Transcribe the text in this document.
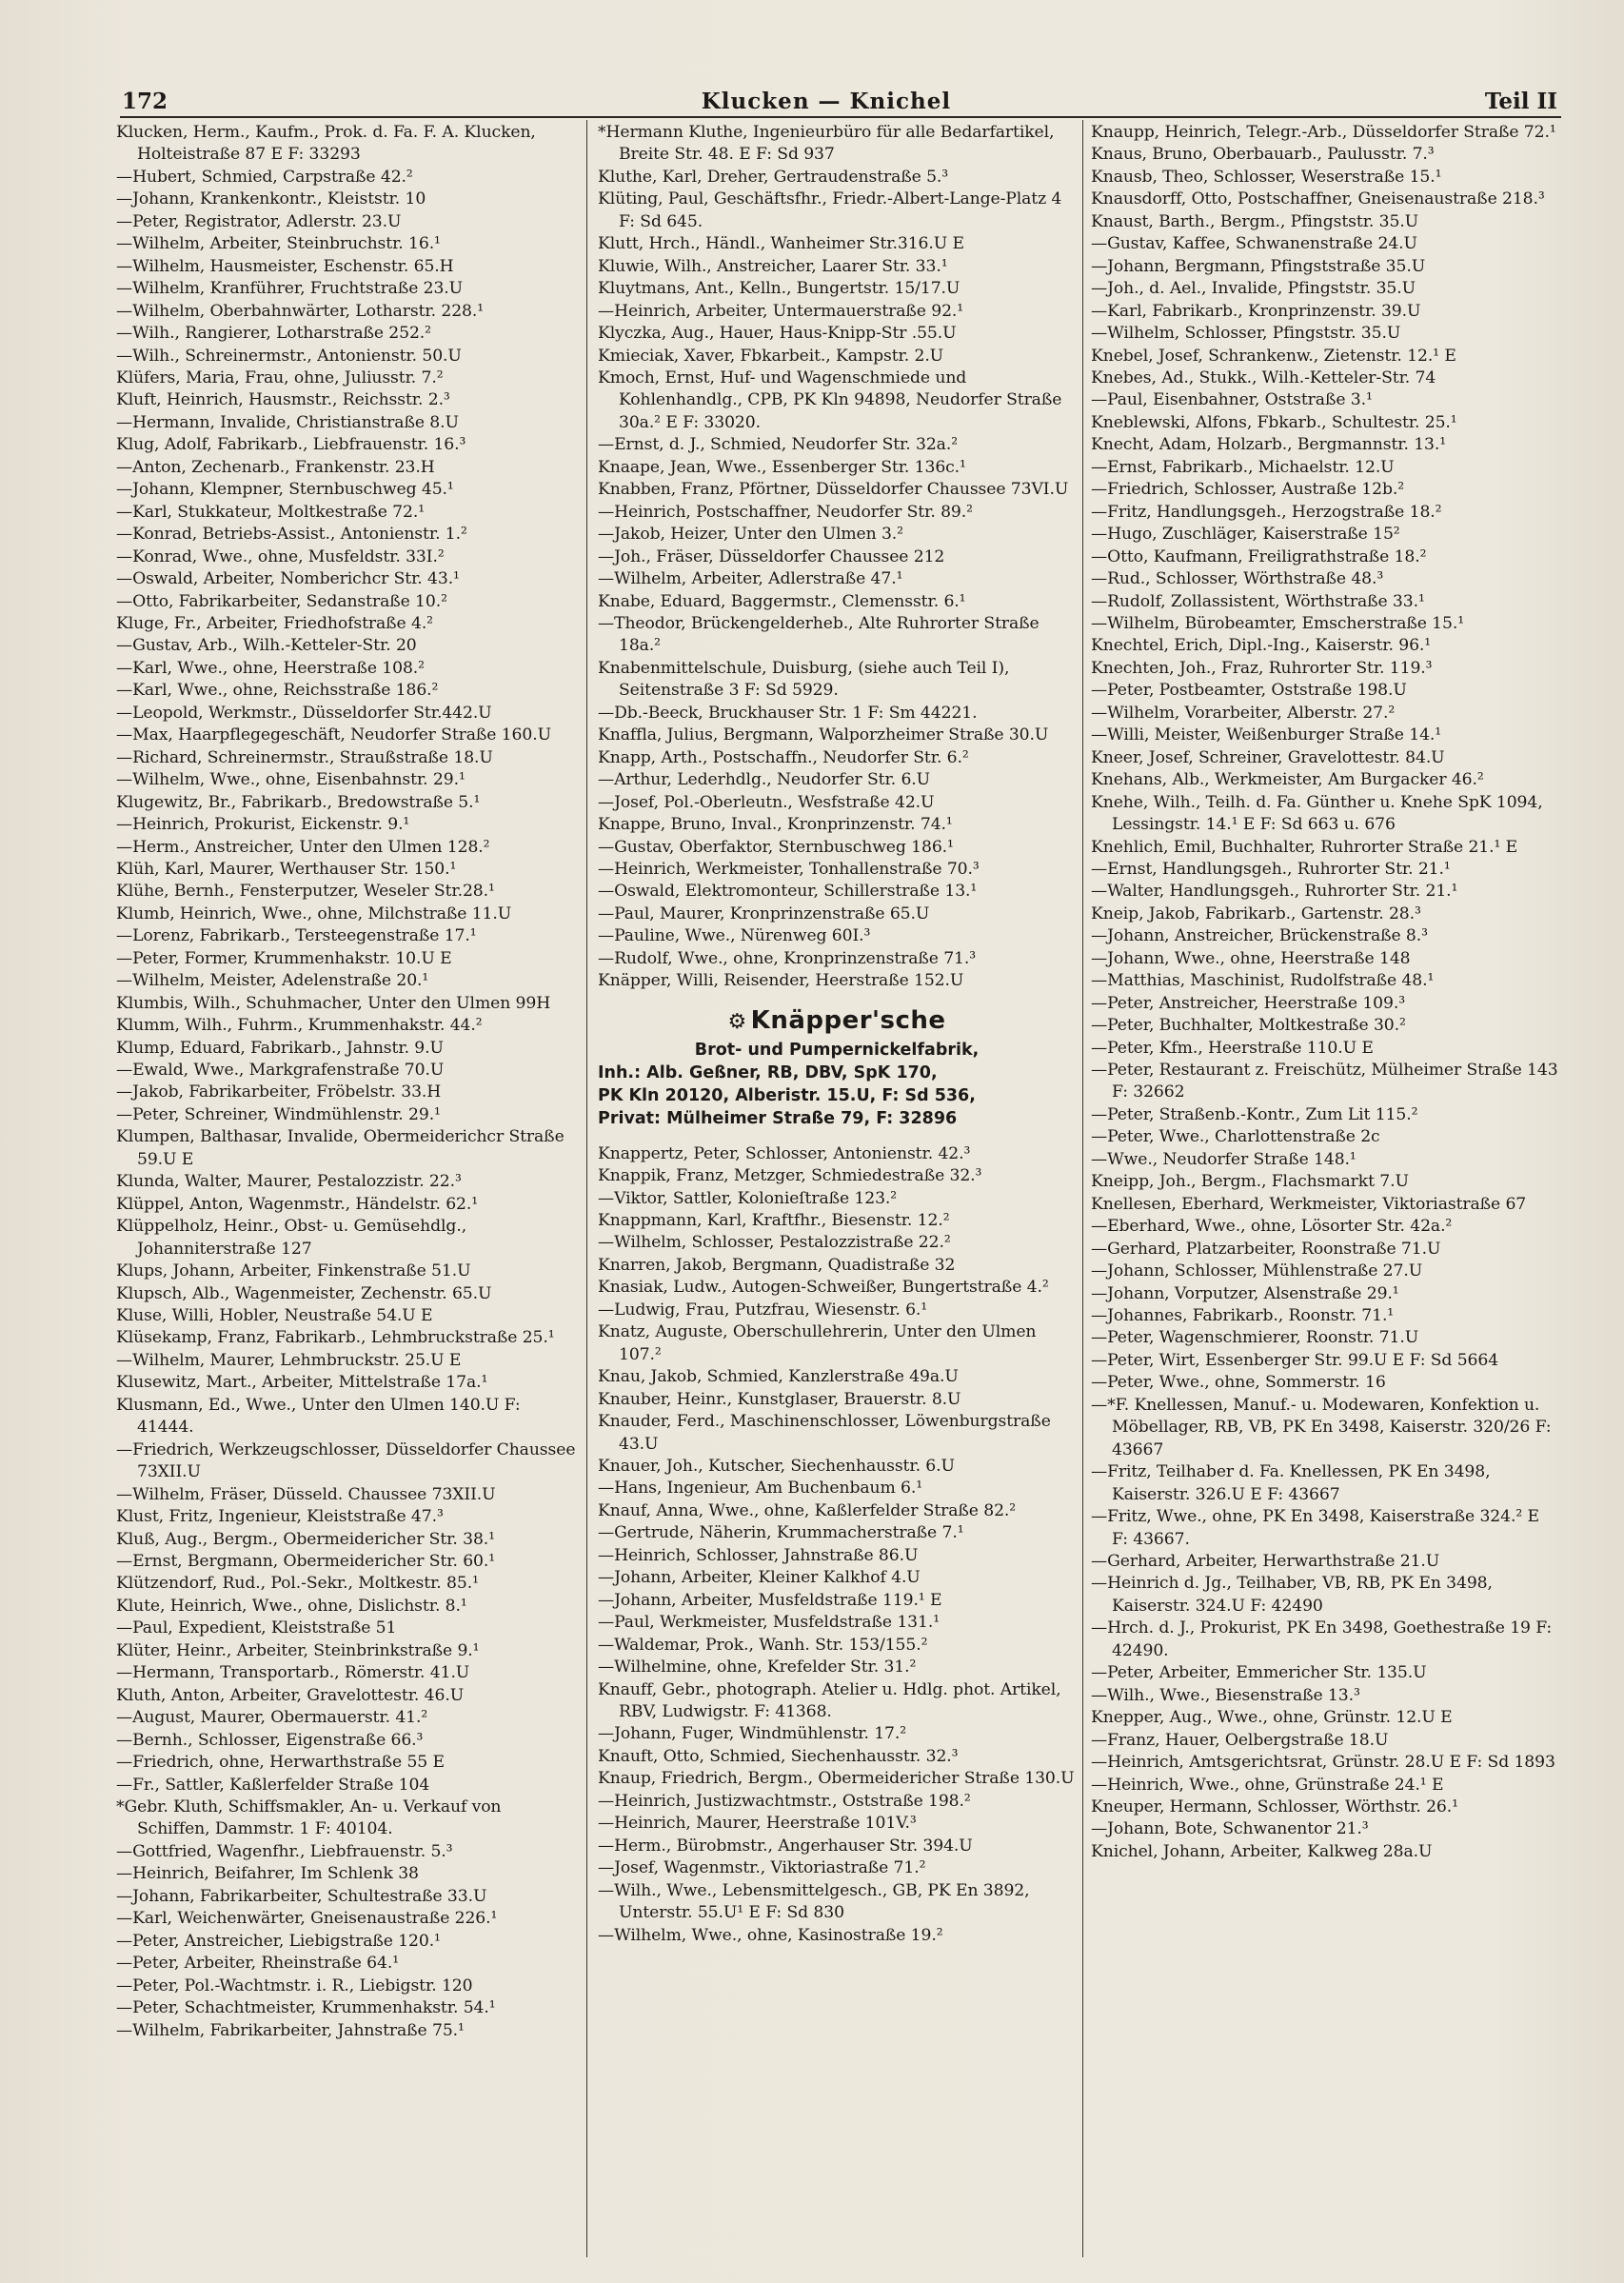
172	Klucken — Knichel	Teil II

Klucken, Herm., Kaufm., Prok. d. Fa. F. A. Klucken, Holteistraße 87 E F: 33293

—Hubert, Schmied, Carpstraße 42.²

—Johann, Krankenkontr., Kleiststr. 10

—Peter, Registrator, Adlerstr. 23.U

—Wilhelm, Arbeiter, Steinbruchstr. 16.¹

—Wilhelm, Hausmeister, Eschenstr. 65.H

—Wilhelm, Kranführer, Fruchtstraße 23.U

—Wilhelm, Oberbahnwärter, Lotharstr. 228.¹

—Wilh., Rangierer, Lotharstraße 252.²

—Wilh., Schreinermstr., Antonienstr. 50.U

Klüfers, Maria, Frau, ohne, Juliusstr. 7.²

Kluft, Heinrich, Hausmstr., Reichsstr. 2.³

—Hermann, Invalide, Christianstraße 8.U

Klug, Adolf, Fabrikarb., Liebfrauenstr. 16.³

—Anton, Zechenarb., Frankenstr. 23.H

—Johann, Klempner, Sternbuschweg 45.¹

—Karl, Stukkateur, Moltkestraße 72.¹

—Konrad, Betriebs-Assist., Antonienstr. 1.²

—Konrad, Wwe., ohne, Musfeldstr. 33I.²

—Oswald, Arbeiter, Nomberichcr Str. 43.¹

—Otto, Fabrikarbeiter, Sedanstraße 10.²

Kluge, Fr., Arbeiter, Friedhofstraße 4.²

—Gustav, Arb., Wilh.-Ketteler-Str. 20

—Karl, Wwe., ohne, Heerstraße 108.²

—Karl, Wwe., ohne, Reichsstraße 186.²

—Leopold, Werkmstr., Düsseldorfer Str.442.U

—Max, Haarpflegegeschäft, Neudorfer Straße 160.U

—Richard, Schreinermstr., Straußstraße 18.U

—Wilhelm, Wwe., ohne, Eisenbahnstr. 29.¹

Klugewitz, Br., Fabrikarb., Bredowstraße 5.¹

—Heinrich, Prokurist, Eickenstr. 9.¹

—Herm., Anstreicher, Unter den Ulmen 128.²

Klüh, Karl, Maurer, Werthauser Str. 150.¹

Klühe, Bernh., Fensterputzer, Weseler Str.28.¹

Klumb, Heinrich, Wwe., ohne, Milchstraße 11.U

—Lorenz, Fabrikarb., Tersteegenstraße 17.¹

—Peter, Former, Krummenhakstr. 10.U E

—Wilhelm, Meister, Adelenstraße 20.¹

Klumbis, Wilh., Schuhmacher, Unter den Ulmen 99H

Klumm, Wilh., Fuhrm., Krummenhakstr. 44.²

Klump, Eduard, Fabrikarb., Jahnstr. 9.U

—Ewald, Wwe., Markgrafenstraße 70.U

—Jakob, Fabrikarbeiter, Fröbelstr. 33.H

—Peter, Schreiner, Windmühlenstr. 29.¹

Klumpen, Balthasar, Invalide, Obermeiderichcr Straße 59.U E

Klunda, Walter, Maurer, Pestalozzistr. 22.³

Klüppel, Anton, Wagenmstr., Händelstr. 62.¹

Klüppelholz, Heinr., Obst- u. Gemüsehdlg., Johanniterstraße 127

Klups, Johann, Arbeiter, Finkenstraße 51.U

Klupsch, Alb., Wagenmeister, Zechenstr. 65.U

Kluse, Willi, Hobler, Neustraße 54.U E

Klüsekamp, Franz, Fabrikarb., Lehmbruckstraße 25.¹

—Wilhelm, Maurer, Lehmbruckstr. 25.U E

Klusewitz, Mart., Arbeiter, Mittelstraße 17a.¹

Klusmann, Ed., Wwe., Unter den Ulmen 140.U F: 41444.

—Friedrich, Werkzeugschlosser, Düsseldorfer Chaussee 73XII.U

—Wilhelm, Fräser, Düsseld. Chaussee 73XII.U

Klust, Fritz, Ingenieur, Kleiststraße 47.³

Kluß, Aug., Bergm., Obermeidericher Str. 38.¹

—Ernst, Bergmann, Obermeidericher Str. 60.¹

Klützendorf, Rud., Pol.-Sekr., Moltkestr. 85.¹

Klute, Heinrich, Wwe., ohne, Dislichstr. 8.¹

—Paul, Expedient, Kleiststraße 51

Klüter, Heinr., Arbeiter, Steinbrinkstraße 9.¹

—Hermann, Transportarb., Römerstr. 41.U

Kluth, Anton, Arbeiter, Gravelottestr. 46.U

—August, Maurer, Obermauerstr. 41.²

—Bernh., Schlosser, Eigenstraße 66.³

—Friedrich, ohne, Herwarthstraße 55 E

—Fr., Sattler, Kaßlerfelder Straße 104

*Gebr. Kluth, Schiffsmakler, An- u. Verkauf von Schiffen, Dammstr. 1 F: 40104.

—Gottfried, Wagenfhr., Liebfrauenstr. 5.³

—Heinrich, Beifahrer, Im Schlenk 38

—Johann, Fabrikarbeiter, Schultestraße 33.U

—Karl, Weichenwärter, Gneisenaustraße 226.¹

—Peter, Anstreicher, Liebigstraße 120.¹

—Peter, Arbeiter, Rheinstraße 64.¹

—Peter, Pol.-Wachtmstr. i. R., Liebigstr. 120

—Peter, Schachtmeister, Krummenhakstr. 54.¹

—Wilhelm, Fabrikarbeiter, Jahnstraße 75.¹

*Hermann Kluthe, Ingenieurbüro für alle Bedarfartikel, Breite Str. 48. E F: Sd 937

Kluthe, Karl, Dreher, Gertraudenstraße 5.³

Klüting, Paul, Geschäftsfhr., Friedr.-Albert-Lange-Platz 4 F: Sd 645.

Klutt, Hrch., Händl., Wanheimer Str.316.U E

Kluwie, Wilh., Anstreicher, Laarer Str. 33.¹

Kluytmans, Ant., Kelln., Bungertstr. 15/17.U

—Heinrich, Arbeiter, Untermauerstraße 92.¹

Klyczka, Aug., Hauer, Haus-Knipp-Str .55.U

Kmieciak, Xaver, Fbkarbeit., Kampstr. 2.U

Kmoch, Ernst, Huf- und Wagenschmiede und Kohlenhandlg., CPB, PK Kln 94898, Neudorfer Straße 30a.² E F: 33020.

—Ernst, d. J., Schmied, Neudorfer Str. 32a.²

Knaape, Jean, Wwe., Essenberger Str. 136c.¹

Knabben, Franz, Pförtner, Düsseldorfer Chaussee 73VI.U

—Heinrich, Postschaffner, Neudorfer Str. 89.²

—Jakob, Heizer, Unter den Ulmen 3.²

—Joh., Fräser, Düsseldorfer Chaussee 212

—Wilhelm, Arbeiter, Adlerstraße 47.¹

Knabe, Eduard, Baggermstr., Clemensstr. 6.¹

—Theodor, Brückengelderheb., Alte Ruhrorter Straße 18a.²

Knabenmittelschule, Duisburg, (siehe auch Teil I), Seitenstraße 3 F: Sd 5929.

—Db.-Beeck, Bruckhauser Str. 1 F: Sm 44221.

Knaffla, Julius, Bergmann, Walporzheimer Straße 30.U

Knapp, Arth., Postschaffn., Neudorfer Str. 6.²

—Arthur, Lederhdlg., Neudorfer Str. 6.U

—Josef, Pol.-Oberleutn., Wesfstraße 42.U

Knappe, Bruno, Inval., Kronprinzenstr. 74.¹

—Gustav, Oberfaktor, Sternbuschweg 186.¹

—Heinrich, Werkmeister, Tonhallenstraße 70.³

—Oswald, Elektromonteur, Schillerstraße 13.¹

—Paul, Maurer, Kronprinzenstraße 65.U

—Pauline, Wwe., Nürenweg 60I.³

—Rudolf, Wwe., ohne, Kronprinzenstraße 71.³

Knäpper, Willi, Reisender, Heerstraße 152.U

⚙ Knäpper'sche
Brot- und Pumpernickelfabrik,
Inh.: Alb. Geßner, RB, DBV, SpK 170,
PK Kln 20120, Alberistr. 15.U, F: Sd 536,
Privat: Mülheimer Straße 79, F: 32896

Knappertz, Peter, Schlosser, Antonienstr. 42.³

Knappik, Franz, Metzger, Schmiedestraße 32.³

—Viktor, Sattler, Kolonieſtraße 123.²

Knappmann, Karl, Kraftfhr., Biesenstr. 12.²

—Wilhelm, Schlosser, Pestalozzistraße 22.²

Knarren, Jakob, Bergmann, Quadistraße 32

Knasiak, Ludw., Autogen-Schweißer, Bungertstraße 4.²

—Ludwig, Frau, Putzfrau, Wiesenstr. 6.¹

Knatz, Auguste, Oberschullehrerin, Unter den Ulmen 107.²

Knau, Jakob, Schmied, Kanzlerstraße 49a.U

Knauber, Heinr., Kunstglaser, Brauerstr. 8.U

Knauder, Ferd., Maschinenschlosser, Löwenburgstraße 43.U

Knauer, Joh., Kutscher, Siechenhausstr. 6.U

—Hans, Ingenieur, Am Buchenbaum 6.¹

Knauf, Anna, Wwe., ohne, Kaßlerfelder Straße 82.²

—Gertrude, Näherin, Krummacherstraße 7.¹

—Heinrich, Schlosser, Jahnstraße 86.U

—Johann, Arbeiter, Kleiner Kalkhof 4.U

—Johann, Arbeiter, Musfeldstraße 119.¹ E

—Paul, Werkmeister, Musfeldstraße 131.¹

—Waldemar, Prok., Wanh. Str. 153/155.²

—Wilhelmine, ohne, Krefelder Str. 31.²

Knauff, Gebr., photograph. Atelier u. Hdlg. phot. Artikel, RBV, Ludwigstr. F: 41368.

—Johann, Fuger, Windmühlenstr. 17.²

Knauft, Otto, Schmied, Siechenhausstr. 32.³

Knaup, Friedrich, Bergm., Obermeidericher Straße 130.U

—Heinrich, Justizwachtmstr., Oststraße 198.²

—Heinrich, Maurer, Heerstraße 101V.³

—Herm., Bürobmstr., Angerhauser Str. 394.U

—Josef, Wagenmstr., Viktoriastraße 71.²

—Wilh., Wwe., Lebensmittelgesch., GB, PK En 3892, Unterstr. 55.U¹ E F: Sd 830

—Wilhelm, Wwe., ohne, Kasinostraße 19.²

Knaupp, Heinrich, Telegr.-Arb., Düsseldorfer Straße 72.¹

Knaus, Bruno, Oberbauarb., Paulusstr. 7.³

Knausb, Theo, Schlosser, Weserstraße 15.¹

Knausdorff, Otto, Postschaffner, Gneisenaustraße 218.³

Knaust, Barth., Bergm., Pfingststr. 35.U

—Gustav, Kaffee, Schwanenstraße 24.U

—Johann, Bergmann, Pfingststraße 35.U

—Joh., d. Ael., Invalide, Pfingststr. 35.U

—Karl, Fabrikarb., Kronprinzenstr. 39.U

—Wilhelm, Schlosser, Pfingststr. 35.U

Knebel, Josef, Schrankenw., Zietenstr. 12.¹ E

Knebes, Ad., Stukk., Wilh.-Ketteler-Str. 74

—Paul, Eisenbahner, Oststraße 3.¹

Kneblewski, Alfons, Fbkarb., Schultestr. 25.¹

Knecht, Adam, Holzarb., Bergmannstr. 13.¹

—Ernst, Fabrikarb., Michaelstr. 12.U

—Friedrich, Schlosser, Austraße 12b.²

—Fritz, Handlungsgeh., Herzogstraße 18.²

—Hugo, Zuschläger, Kaiserstraße 15²

—Otto, Kaufmann, Freiligrathstraße 18.²

—Rud., Schlosser, Wörthstraße 48.³

—Rudolf, Zollassistent, Wörthstraße 33.¹

—Wilhelm, Bürobeamter, Emscherstraße 15.¹

Knechtel, Erich, Dipl.-Ing., Kaiserstr. 96.¹

Knechten, Joh., Fraz, Ruhrorter Str. 119.³

—Peter, Postbeamter, Oststraße 198.U

—Wilhelm, Vorarbeiter, Alberstr. 27.²

—Willi, Meister, Weißenburger Straße 14.¹

Kneer, Josef, Schreiner, Gravelottestr. 84.U

Knehans, Alb., Werkmeister, Am Burgacker 46.²

Knehe, Wilh., Teilh. d. Fa. Günther u. Knehe SpK 1094, Lessingstr. 14.¹ E F: Sd 663 u. 676

Knehlich, Emil, Buchhalter, Ruhrorter Straße 21.¹ E

—Ernst, Handlungsgeh., Ruhrorter Str. 21.¹

—Walter, Handlungsgeh., Ruhrorter Str. 21.¹

Kneip, Jakob, Fabrikarb., Gartenstr. 28.³

—Johann, Anstreicher, Brückenstraße 8.³

—Johann, Wwe., ohne, Heerstraße 148

—Matthias, Maschinist, Rudolfstraße 48.¹

—Peter, Anstreicher, Heerstraße 109.³

—Peter, Buchhalter, Moltkestraße 30.²

—Peter, Kfm., Heerstraße 110.U E

—Peter, Restaurant z. Freischütz, Mülheimer Straße 143 F: 32662

—Peter, Straßenb.-Kontr., Zum Lit 115.²

—Peter, Wwe., Charlottenstraße 2c

—Wwe., Neudorfer Straße 148.¹

Kneipp, Joh., Bergm., Flachsmarkt 7.U

Knellesen, Eberhard, Werkmeister, Viktoriastraße 67

—Eberhard, Wwe., ohne, Lösorter Str. 42a.²

—Gerhard, Platzarbeiter, Roonstraße 71.U

—Johann, Schlosser, Mühlenstraße 27.U

—Johann, Vorputzer, Alsenstraße 29.¹

—Johannes, Fabrikarb., Roonstr. 71.¹

—Peter, Wagenschmierer, Roonstr. 71.U

—Peter, Wirt, Essenberger Str. 99.U E F: Sd 5664

—Peter, Wwe., ohne, Sommerstr. 16

—*F. Knellessen, Manuf.- u. Modewaren, Konfektion u. Möbellager, RB, VB, PK En 3498, Kaiserstr. 320/26 F: 43667

—Fritz, Teilhaber d. Fa. Knellessen, PK En 3498, Kaiserstr. 326.U E F: 43667

—Fritz, Wwe., ohne, PK En 3498, Kaiserstraße 324.² E F: 43667.

—Gerhard, Arbeiter, Herwarthstraße 21.U

—Heinrich d. Jg., Teilhaber, VB, RB, PK En 3498, Kaiserstr. 324.U F: 42490

—Hrch. d. J., Prokurist, PK En 3498, Goethestraße 19 F: 42490.

—Peter, Arbeiter, Emmericher Str. 135.U

—Wilh., Wwe., Biesenstraße 13.³

Knepper, Aug., Wwe., ohne, Grünstr. 12.U E

—Franz, Hauer, Oelbergstraße 18.U

—Heinrich, Amtsgerichtsrat, Grünstr. 28.U E F: Sd 1893

—Heinrich, Wwe., ohne, Grünstraße 24.¹ E

Kneuper, Hermann, Schlosser, Wörthstr. 26.¹

—Johann, Bote, Schwanentor 21.³

Knichel, Johann, Arbeiter, Kalkweg 28a.U
